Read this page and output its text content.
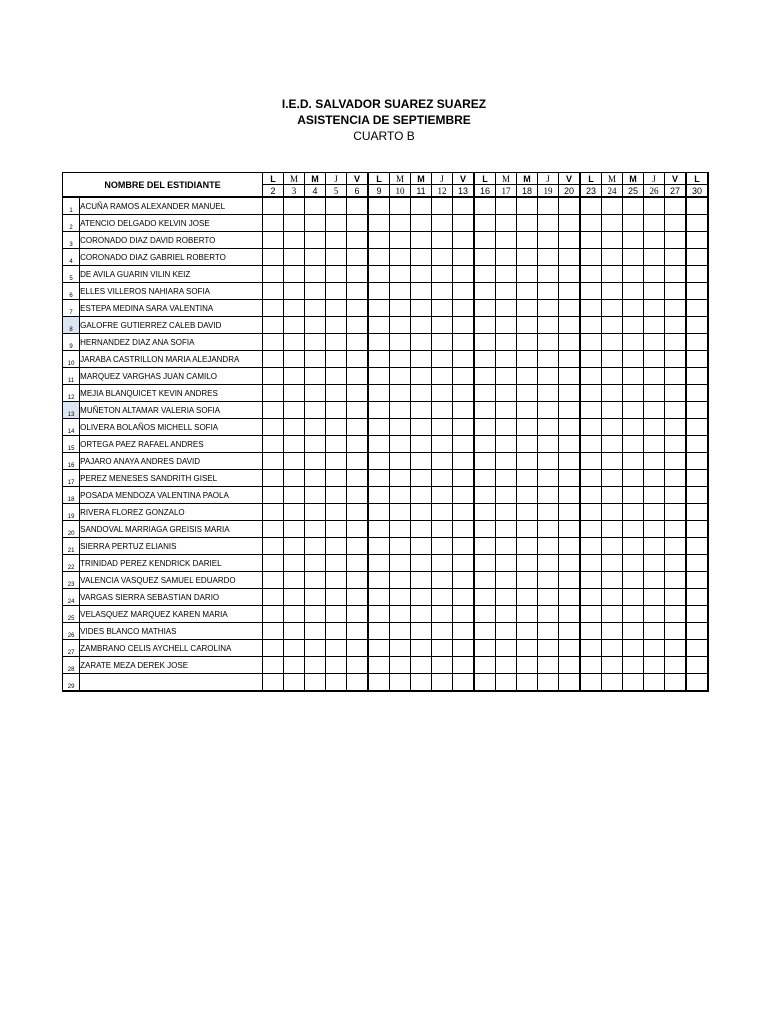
I.E.D. SALVADOR SUAREZ SUAREZ
ASISTENCIA DE SEPTIEMBRE
CUARTO B
NOMBRE DEL ESTIDIANTE		L	M	M	J	V	L	M	M	J	V	L	M	M	J	V	L	M	M	J	V	L
		2	3	4	5	6	9	10	11	12	13	16	17	18	19	20	23	24	25	26	27	30
1	ACUÑA RAMOS ALEXANDER MANUEL																					
2	ATENCIO DELGADO KELVIN JOSE																					
3	CORONADO DIAZ DAVID ROBERTO																					
4	CORONADO DIAZ GABRIEL ROBERTO																					
5	DE AVILA GUARIN VILIN KEIZ																					
6	ELLES VILLEROS NAHIARA SOFIA																					
7	ESTEPA MEDINA SARA VALENTINA																					
8	GALOFRE GUTIERREZ CALEB DAVID																					
9	HERNANDEZ DIAZ ANA SOFIA																					
10	JARABA CASTRILLON MARIA ALEJANDRA																					
11	MARQUEZ VARGHAS JUAN CAMILO																					
12	MEJIA BLANQUICET KEVIN ANDRES																					
13	MUÑETON ALTAMAR VALERIA SOFIA																					
14	OLIVERA BOLAÑOS MICHELL SOFIA																					
15	ORTEGA PAEZ RAFAEL ANDRES																					
16	PAJARO ANAYA ANDRES DAVID																					
17	PEREZ MENESES SANDRITH GISEL																					
18	POSADA MENDOZA VALENTINA PAOLA																					
19	RIVERA FLOREZ GONZALO																					
20	SANDOVAL MARRIAGA GREISIS MARIA																					
21	SIERRA PERTUZ ELIANIS																					
22	TRINIDAD PEREZ KENDRICK DARIEL																					
23	VALENCIA VASQUEZ SAMUEL EDUARDO																					
24	VARGAS SIERRA SEBASTIAN DARIO																					
25	VELASQUEZ MARQUEZ KAREN MARIA																					
26	VIDES BLANCO MATHIAS																					
27	ZAMBRANO CELIS AYCHELL CAROLINA																					
28	ZARATE MEZA DEREK JOSE																					
29																						
